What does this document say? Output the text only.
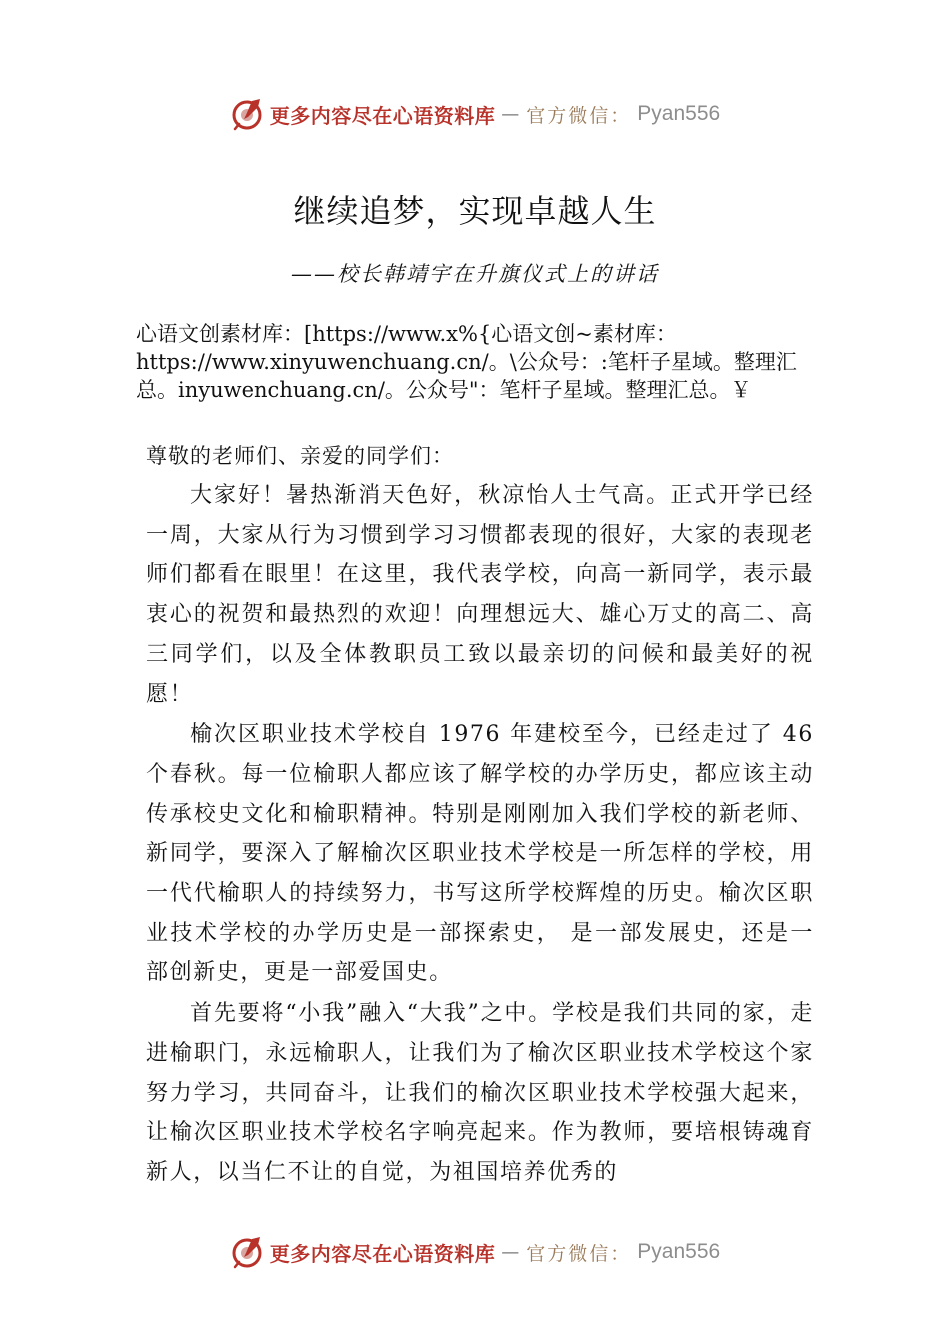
更多内容尽在心语资料库 — 官方微信： Pyan556
继续追梦，实现卓越人生
——校长韩靖宇在升旗仪式上的讲话

心语文创素材库：[https://www.x%{心语文创~素材库：https://www.xinyuwenchuang.cn/。\公众号：:笔杆子星域。整理汇总。inyuwenchuang.cn/。公众号"：笔杆子星域。整理汇总。￥

尊敬的老师们、亲爱的同学们：

大家好！暑热渐消天色好，秋凉怡人士气高。正式开学已经一周，大家从行为习惯到学习习惯都表现的很好，大家的表现老师们都看在眼里！在这里，我代表学校，向高一新同学，表示最衷心的祝贺和最热烈的欢迎！向理想远大、雄心万丈的高二、高三同学们，以及全体教职员工致以最亲切的问候和最美好的祝愿！

榆次区职业技术学校自 1976 年建校至今，已经走过了 46 个春秋。每一位榆职人都应该了解学校的办学历史，都应该主动传承校史文化和榆职精神。特别是刚刚加入我们学校的新老师、新同学，要深入了解榆次区职业技术学校是一所怎样的学校，用一代代榆职人的持续努力，书写这所学校辉煌的历史。榆次区职业技术学校的办学历史是一部探索史， 是一部发展史，还是一部创新史，更是一部爱国史。

首先要将“小我”融入“大我”之中。学校是我们共同的家，走进榆职门，永远榆职人，让我们为了榆次区职业技术学校这个家努力学习，共同奋斗，让我们的榆次区职业技术学校强大起来，让榆次区职业技术学校名字响亮起来。作为教师，要培根铸魂育新人，以当仁不让的自觉，为祖国培养优秀的

更多内容尽在心语资料库 — 官方微信： Pyan556
